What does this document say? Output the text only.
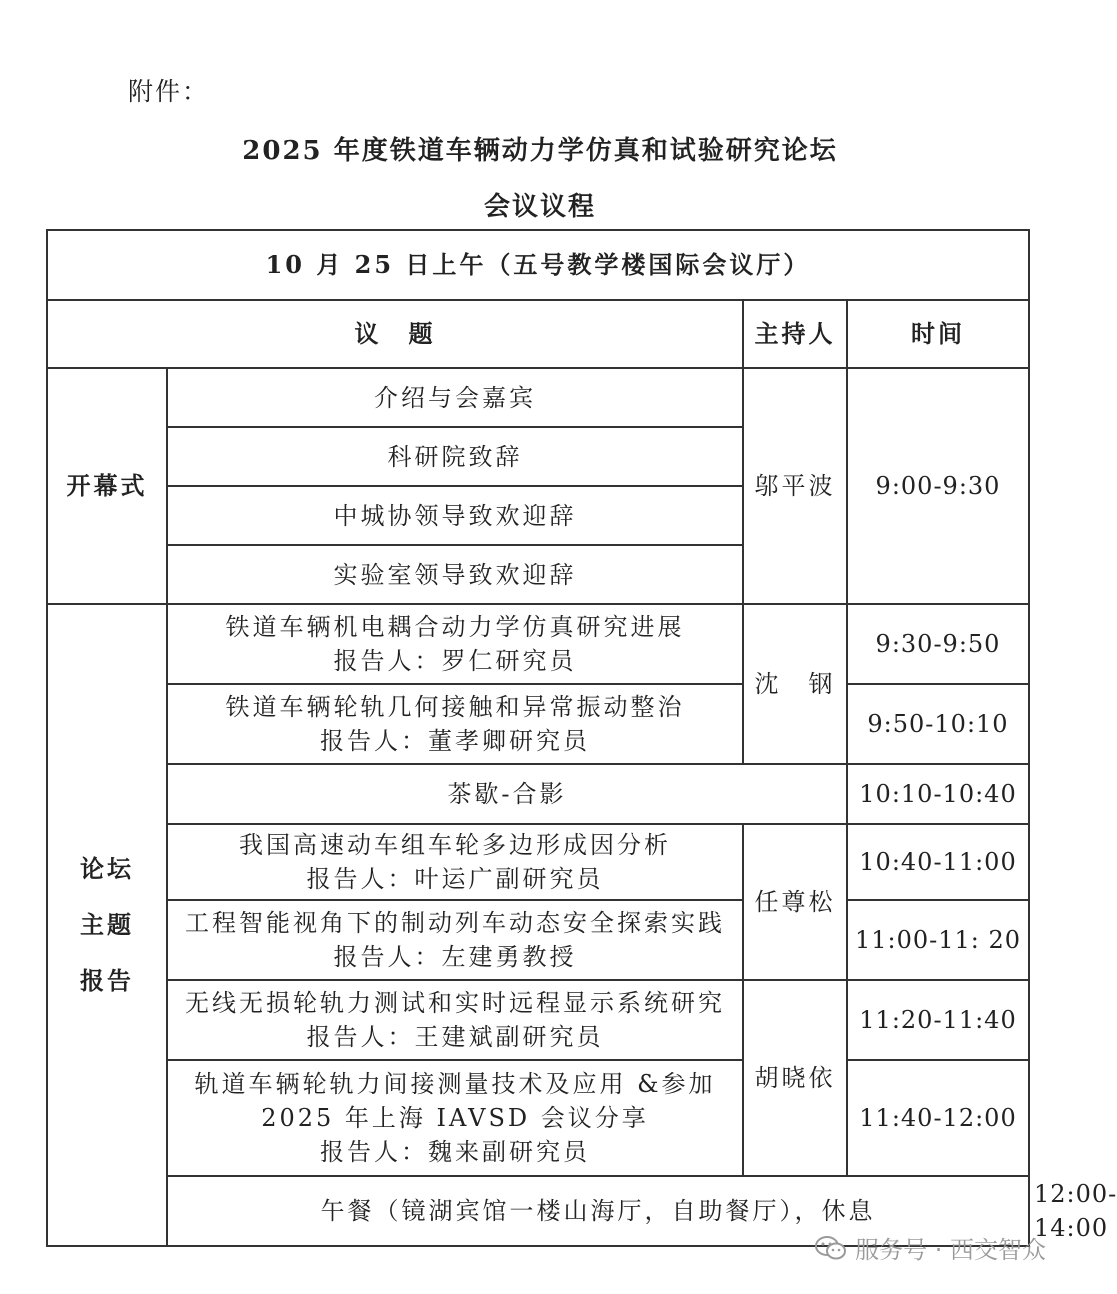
附件：
2025 年度铁道车辆动力学仿真和试验研究论坛
会议议程
10 月 25 日上午（五号教学楼国际会议厅）				
议　题		主持人	时间	
开幕式	介绍与会嘉宾	邬平波	9:00-9:30	
	科研院致辞			
	中城协领导致欢迎辞			
	实验室领导致欢迎辞			
论坛
主题
报告	铁道车辆机电耦合动力学仿真研究进展
报告人：罗仁研究员	沈　钢	9:30-9:50	
	铁道车辆轮轨几何接触和异常振动整治
报告人：董孝卿研究员		9:50-10:10	
	茶歇-合影		10:10-10:40	
	我国高速动车组车轮多边形成因分析
报告人：叶运广副研究员	任尊松	10:40-11:00	
	工程智能视角下的制动列车动态安全探索实践
报告人：左建勇教授		11:00-11: 20	
	无线无损轮轨力测试和实时远程显示系统研究
报告人：王建斌副研究员	胡晓依	11:20-11:40	
	轨道车辆轮轨力间接测量技术及应用 &参加
2025 年上海 IAVSD 会议分享
报告人：魏来副研究员		11:40-12:00	
	午餐（镜湖宾馆一楼山海厅，自助餐厅），休息			12:00-14:00
服务号 · 西交智众
